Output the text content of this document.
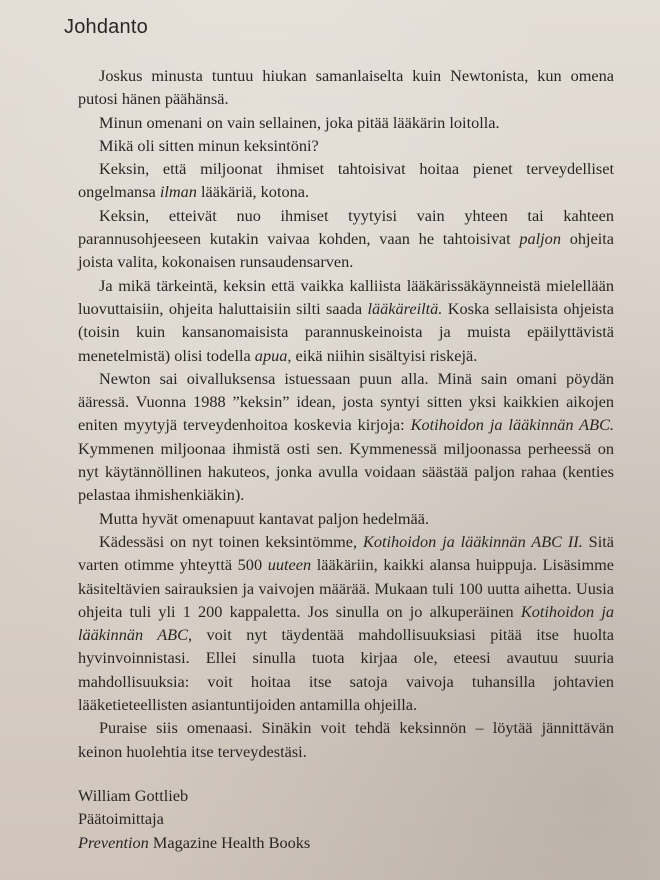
Johdanto

Joskus minusta tuntuu hiukan samanlaiselta kuin Newtonista, kun omena putosi hänen päähänsä.

Minun omenani on vain sellainen, joka pitää lääkärin loitolla.

Mikä oli sitten minun keksintöni?

Keksin, että miljoonat ihmiset tahtoisivat hoitaa pienet terveydelliset ongelmansa ilman lääkäriä, kotona.

Keksin, etteivät nuo ihmiset tyytyisi vain yhteen tai kahteen parannusohjeeseen kutakin vaivaa kohden, vaan he tahtoisivat paljon ohjeita joista valita, kokonaisen runsaudensarven.

Ja mikä tärkeintä, keksin että vaikka kalliista lääkärissäkäynneistä mielellään luovuttaisiin, ohjeita haluttaisiin silti saada lääkäreiltä. Koska sellaisista ohjeista (toisin kuin kansanomaisista parannuskeinoista ja muista epäilyttävistä menetelmistä) olisi todella apua, eikä niihin sisältyisi riskejä.

Newton sai oivalluksensa istuessaan puun alla. Minä sain omani pöydän ääressä. Vuonna 1988 ”keksin” idean, josta syntyi sitten yksi kaikkien aikojen eniten myytyjä terveydenhoitoa koskevia kirjoja: Kotihoidon ja lääkinnän ABC. Kymmenen miljoonaa ihmistä osti sen. Kymmenessä miljoonassa perheessä on nyt käytännöllinen hakuteos, jonka avulla voidaan säästää paljon rahaa (kenties pelastaa ihmishenkiäkin).

Mutta hyvät omenapuut kantavat paljon hedelmää.

Kädessäsi on nyt toinen keksintömme, Kotihoidon ja lääkinnän ABC II. Sitä varten otimme yhteyttä 500 uuteen lääkäriin, kaikki alansa huippuja. Lisäsimme käsiteltävien sairauksien ja vaivojen määrää. Mukaan tuli 100 uutta aihetta. Uusia ohjeita tuli yli 1 200 kappaletta. Jos sinulla on jo alkuperäinen Kotihoidon ja lääkinnän ABC, voit nyt täydentää mahdollisuuksiasi pitää itse huolta hyvinvoinnistasi. Ellei sinulla tuota kirjaa ole, eteesi avautuu suuria mahdollisuuksia: voit hoitaa itse satoja vaivoja tuhansilla johtavien lääketieteellisten asiantuntijoiden antamilla ohjeilla.

Puraise siis omenaasi. Sinäkin voit tehdä keksinnön – löytää jännittävän keinon huolehtia itse terveydestäsi.

William Gottlieb
Päätoimittaja
Prevention Magazine Health Books
